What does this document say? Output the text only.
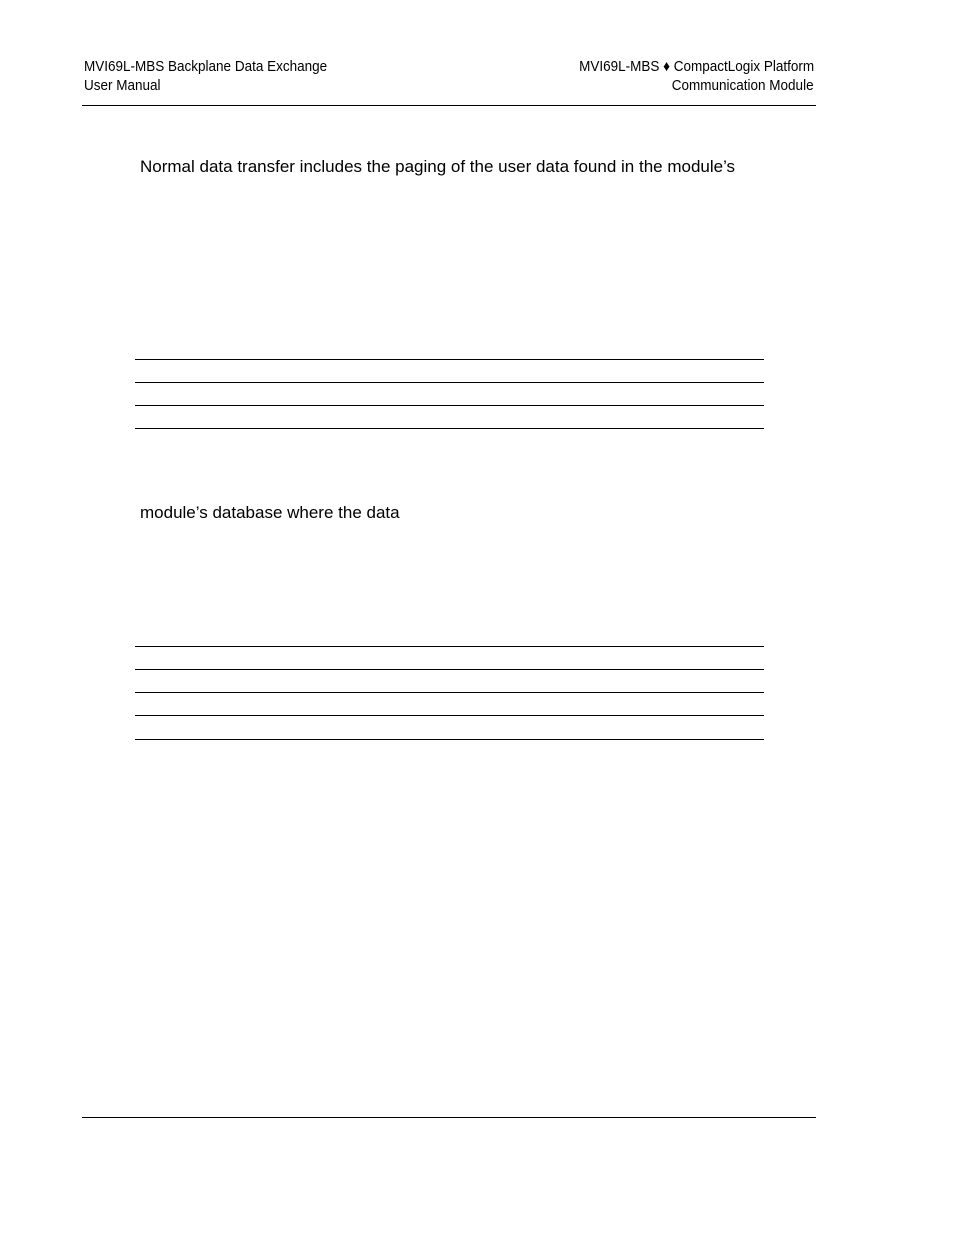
MVI69L-MBS Backplane Data Exchange
User Manual
MVI69L-MBS ♦ CompactLogix Platform
Communication Module
Normal data transfer includes the paging of the user data found in the module’s
module’s database where the data
